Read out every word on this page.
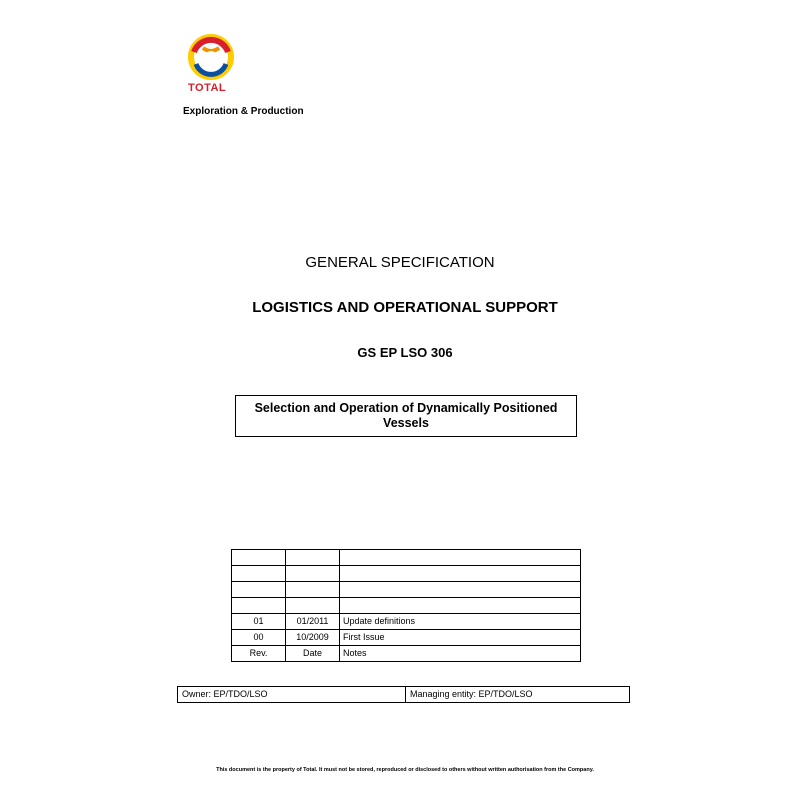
TOTAL
Exploration & Production
GENERAL SPECIFICATION
LOGISTICS AND OPERATIONAL SUPPORT
GS EP LSO 306
Selection and Operation of Dynamically Positioned Vessels

01	01/2011	Update definitions
00	10/2009	First Issue
Rev.	Date	Notes
Owner: EP/TDO/LSO	Managing entity: EP/TDO/LSO
This document is the property of Total. It must not be stored, reproduced or disclosed to others without written authorisation from the Company.
